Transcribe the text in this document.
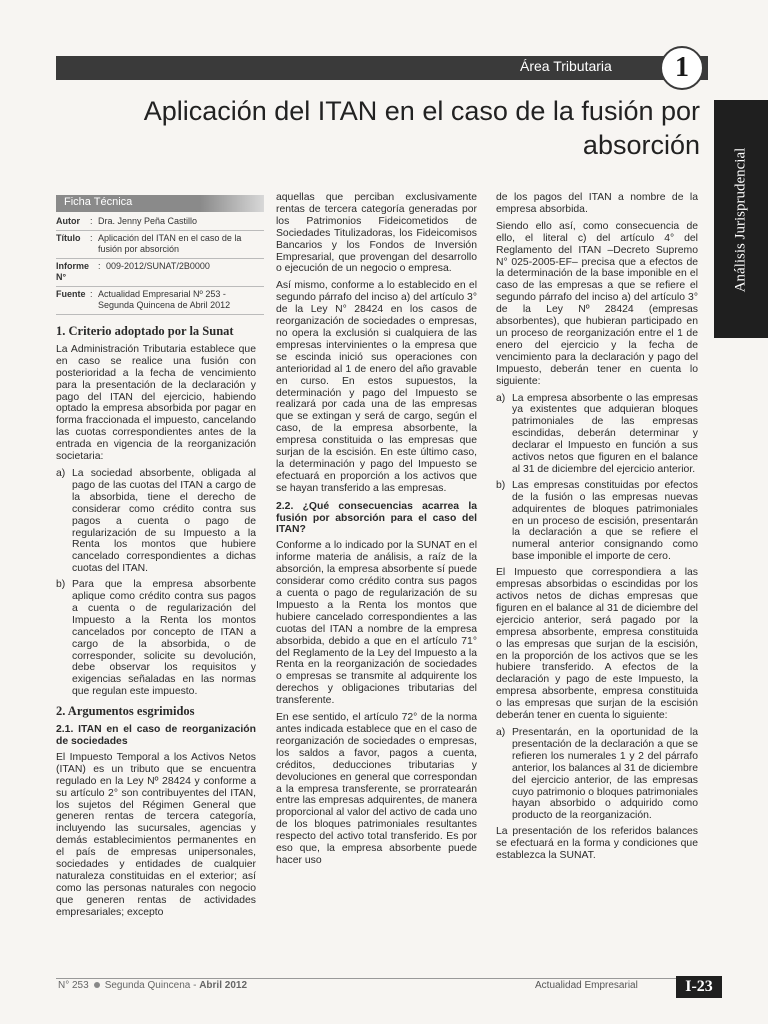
Área Tributaria	1
Aplicación del ITAN en el caso de la fusión por absorción
Análisis Jurisprudencial
Ficha Técnica
Autor	: Dra. Jenny Peña Castillo
Título	: Aplicación del ITAN en el caso de la fusión por absorción
Informe N°
: 009-2012/SUNAT/2B0000
Fuente : Actualidad Empresarial Nº 253 - Segunda Quincena de Abril 2012
1. Criterio adoptado por la Sunat

La Administración Tributaria establece que en caso se realice una fusión con posterioridad a la fecha de vencimiento para la presentación de la declaración y pago del ITAN del ejercicio, habiendo optado la empresa absorbida por pagar en forma fraccionada el impuesto, cancelando las cuotas correspondientes antes de la entrada en vigencia de la reorganización societaria:

a) La sociedad absorbente, obligada al pago de las cuotas del ITAN a cargo de la absorbida, tiene el derecho de considerar como crédito contra sus pagos a cuenta o pago de regularización de su Impuesto a la Renta los montos que hubiere cancelado correspondientes a dichas cuotas del ITAN.
b) Para que la empresa absorbente aplique como crédito contra sus pagos a cuenta o de regularización del Impuesto a la Renta los montos cancelados por concepto de ITAN a cargo de la absorbida, o de corresponder, solicite su devolución, debe observar los requisitos y exigencias señaladas en las normas que regulan este impuesto.
2. Argumentos esgrimidos
2.1. ITAN en el caso de reorganización de sociedades

El Impuesto Temporal a los Activos Netos (ITAN) es un tributo que se encuentra regulado en la Ley Nº 28424 y conforme a su artículo 2° son contribuyentes del ITAN, los sujetos del Régimen General que generen rentas de tercera categoría, incluyendo las sucursales, agencias y demás establecimientos permanentes en el país de empresas unipersonales, sociedades y entidades de cualquier naturaleza constituidas en el exterior; así como las personas naturales con negocio que generen rentas de actividades empresariales; excepto

aquellas que perciban exclusivamente rentas de tercera categoría generadas por los Patrimonios Fideicometidos de Sociedades Titulizadoras, los Fideicomisos Bancarios y los Fondos de Inversión Empresarial, que provengan del desarrollo o ejecución de un negocio o empresa.

Así mismo, conforme a lo establecido en el segundo párrafo del inciso a) del artículo 3° de la Ley N° 28424 en los casos de reorganización de sociedades o empresas, no opera la exclusión si cualquiera de las empresas intervinientes o la empresa que se escinda inició sus operaciones con anterioridad al 1 de enero del año gravable en curso. En estos supuestos, la determinación y pago del Impuesto se realizará por cada una de las empresas que se extingan y será de cargo, según el caso, de la empresa absorbente, la empresa constituida o las empresas que surjan de la escisión. En este último caso, la determinación y pago del Impuesto se efectuará en proporción a los activos que se hayan transferido a las empresas.

2.2. ¿Qué consecuencias acarrea la fusión por absorción para el caso del ITAN?

Conforme a lo indicado por la SUNAT en el informe materia de análisis, a raíz de la absorción, la empresa absorbente sí puede considerar como crédito contra sus pagos a cuenta o pago de regularización de su Impuesto a la Renta los montos que hubiere cancelado correspondientes a las cuotas del ITAN a nombre de la empresa absorbida, debido a que en el artículo 71° del Reglamento de la Ley del Impuesto a la Renta en la reorganización de sociedades o empresas se transmite al adquirente los derechos y obligaciones tributarias del transferente.

En ese sentido, el artículo 72° de la norma antes indicada establece que en el caso de reorganización de sociedades o empresas, los saldos a favor, pagos a cuenta, créditos, deducciones tributarias y devoluciones en general que correspondan a la empresa transferente, se prorratearán entre las empresas adquirentes, de manera proporcional al valor del activo de cada uno de los bloques patrimoniales resultantes respecto del activo total transferido. Es por eso que, la empresa absorbente puede hacer uso

de los pagos del ITAN a nombre de la empresa absorbida.

Siendo ello así, como consecuencia de ello, el literal c) del artículo 4° del Reglamento del ITAN –Decreto Supremo N° 025-2005-EF– precisa que a efectos de la determinación de la base imponible en el caso de las empresas a que se refiere el segundo párrafo del inciso a) del artículo 3° de la Ley Nº 28424 (empresas absorbentes), que hubieran participado en un proceso de reorganización entre el 1 de enero del ejercicio y la fecha de vencimiento para la declaración y pago del Impuesto, deberán tener en cuenta lo siguiente:

a) La empresa absorbente o las empresas ya existentes que adquieran bloques patrimoniales de las empresas escindidas, deberán determinar y declarar el Impuesto en función a sus activos netos que figuren en el balance al 31 de diciembre del ejercicio anterior.
b) Las empresas constituidas por efectos de la fusión o las empresas nuevas adquirentes de bloques patrimoniales en un proceso de escisión, presentarán la declaración a que se refiere el numeral anterior consignando como base imponible el importe de cero.

El Impuesto que correspondiera a las empresas absorbidas o escindidas por los activos netos de dichas empresas que figuren en el balance al 31 de diciembre del ejercicio anterior, será pagado por la empresa absorbente, empresa constituida o las empresas que surjan de la escisión, en la proporción de los activos que se les hubiere transferido. A efectos de la declaración y pago de este Impuesto, la empresa absorbente, empresa constituida o las empresas que surjan de la escisión deberán tener en cuenta lo siguiente:

a) Presentarán, en la oportunidad de la presentación de la declaración a que se refieren los numerales 1 y 2 del párrafo anterior, los balances al 31 de diciembre del ejercicio anterior, de las empresas cuyo patrimonio o bloques patrimoniales hayan absorbido o adquirido como producto de la reorganización.

La presentación de los referidos balances se efectuará en la forma y condiciones que establezca la SUNAT.

N° 253 Segunda Quincena - Abril 2012	Actualidad Empresarial	I-23
